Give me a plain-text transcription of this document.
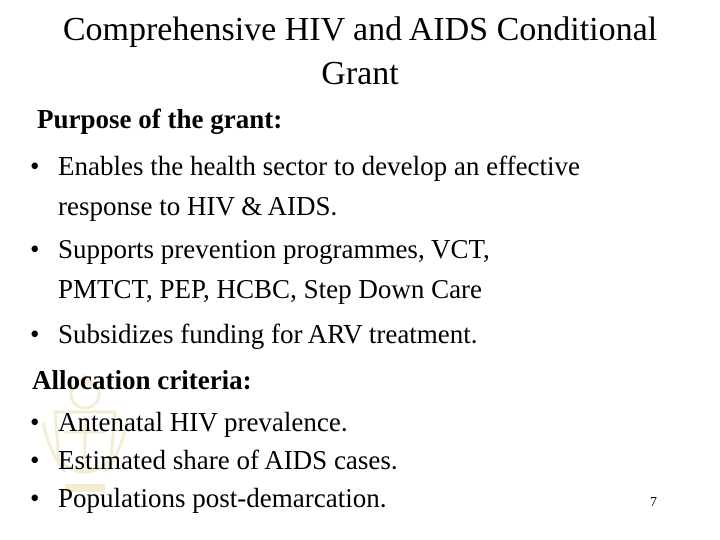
Comprehensive HIV and AIDS Conditional
Grant
Purpose of the grant:
• Enables the health sector to develop an effective
response to HIV & AIDS.
• Supports prevention programmes, VCT,
PMTCT, PEP, HCBC, Step Down Care
• Subsidizes funding for ARV treatment.
Allocation criteria:
• Antenatal HIV prevalence.
• Estimated share of AIDS cases.
• Populations post-demarcation.	7
